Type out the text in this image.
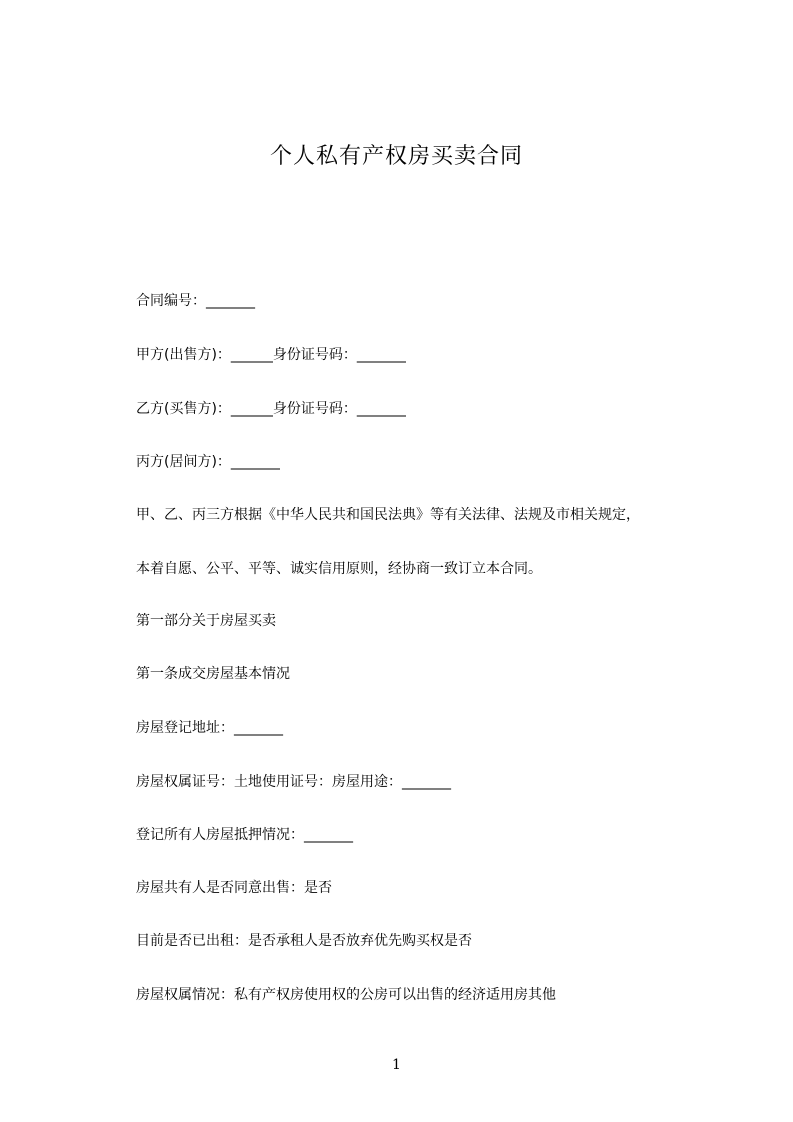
个人私有产权房买卖合同
合同编号：_______
甲方(出售方)：______身份证号码：_______
乙方(买售方)：______身份证号码：_______
丙方(居间方)：_______
甲、乙、丙三方根据《中华人民共和国民法典》等有关法律、法规及市相关规定，
本着自愿、公平、平等、诚实信用原则，经协商一致订立本合同。
第一部分关于房屋买卖
第一条成交房屋基本情况
房屋登记地址：_______
房屋权属证号：土地使用证号：房屋用途：_______
登记所有人房屋抵押情况：_______
房屋共有人是否同意出售：是否
目前是否已出租：是否承租人是否放弃优先购买权是否
房屋权属情况：私有产权房使用权的公房可以出售的经济适用房其他
1
